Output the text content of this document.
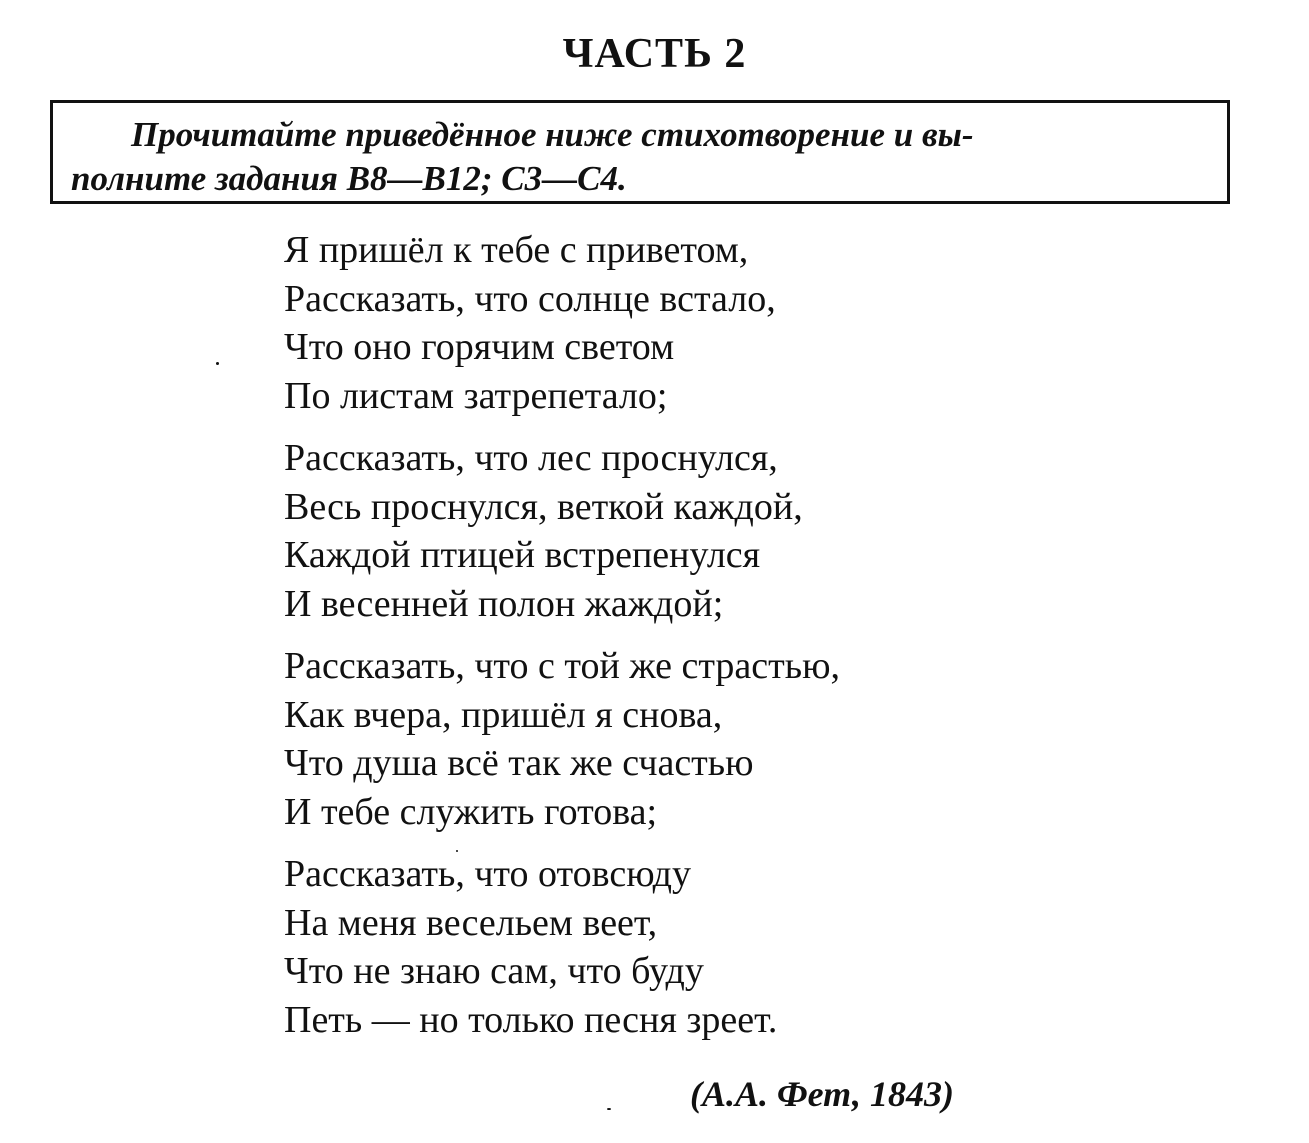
ЧАСТЬ 2
Прочитайте приведённое ниже стихотворение и вы-
полните задания В8—В12; С3—С4.
Я пришёл к тебе с приветом,
Рассказать, что солнце встало,
Что оно горячим светом
По листам затрепетало;
Рассказать, что лес проснулся,
Весь проснулся, веткой каждой,
Каждой птицей встрепенулся
И весенней полон жаждой;
Рассказать, что с той же страстью,
Как вчера, пришёл я снова,
Что душа всё так же счастью
И тебе служить готова;
Рассказать, что отовсюду
На меня весельем веет,
Что не знаю сам, что буду
Петь — но только песня зреет.
(А.А. Фет, 1843)
